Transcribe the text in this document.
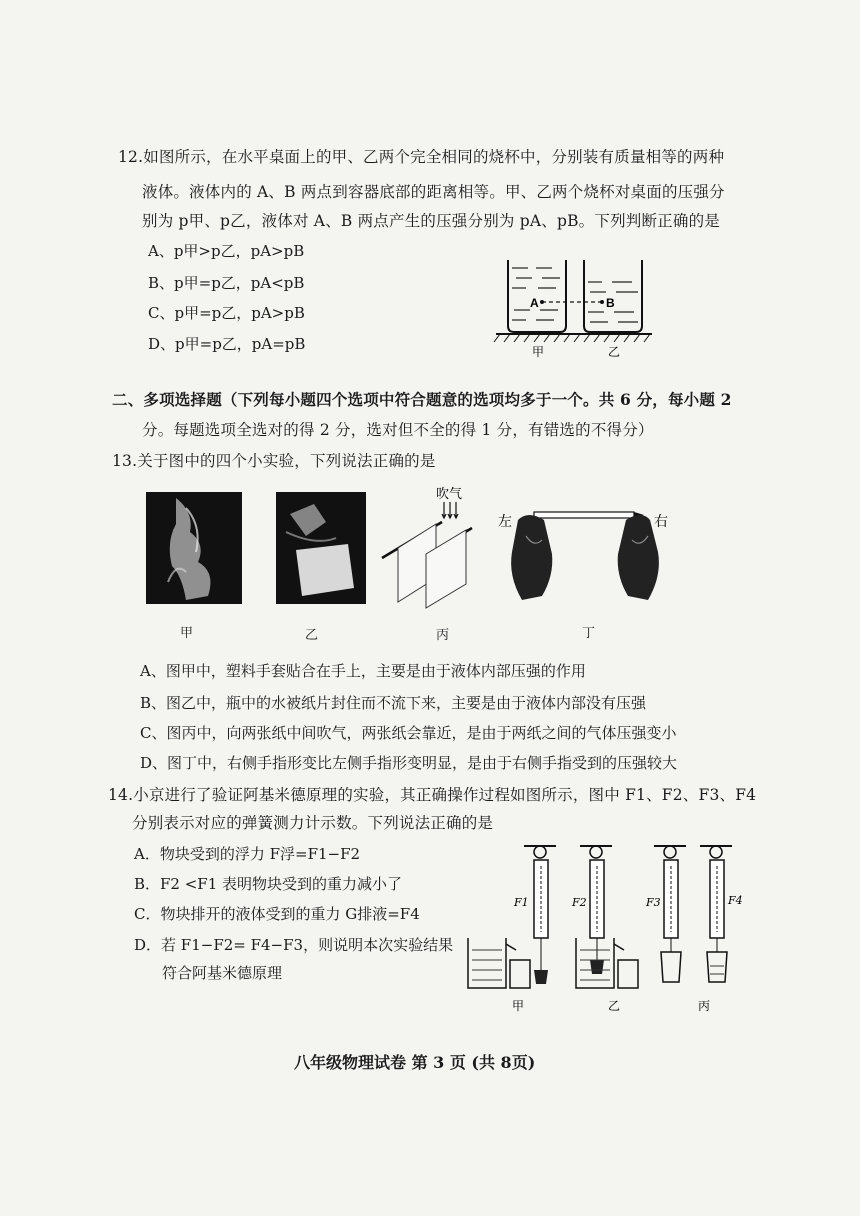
12.如图所示，在水平桌面上的甲、乙两个完全相同的烧杯中，分别装有质量相等的两种
液体。液体内的 A、B 两点到容器底部的距离相等。甲、乙两个烧杯对桌面的压强分
别为 p甲、p乙，液体对 A、B 两点产生的压强分别为 pA、pB。下列判断正确的是
A、p甲>p乙，pA>pB
B、p甲=p乙，pA<pB
C、p甲=p乙，pA>pB
D、p甲=p乙，pA=pB
A	B
甲	乙
二、多项选择题（下列每小题四个选项中符合题意的选项均多于一个。共 6 分，每小题 2
分。每题选项全选对的得 2 分，选对但不全的得 1 分，有错选的不得分）
13.关于图中的四个小实验，下列说法正确的是
吹气
左	右
甲	乙	丙	丁
A、图甲中，塑料手套贴合在手上，主要是由于液体内部压强的作用
B、图乙中，瓶中的水被纸片封住而不流下来，主要是由于液体内部没有压强
C、图丙中，向两张纸中间吹气，两张纸会靠近，是由于两纸之间的气体压强变小
D、图丁中，右侧手指形变比左侧手指形变明显，是由于右侧手指受到的压强较大
14.小京进行了验证阿基米德原理的实验，其正确操作过程如图所示，图中 F1、F2、F3、F4
分别表示对应的弹簧测力计示数。下列说法正确的是
A．物块受到的浮力 F浮=F1−F2
B．F2 <F1 表明物块受到的重力减小了
C．物块排开的液体受到的重力 G排液=F4
D．若 F1−F2= F4−F3，则说明本次实验结果
符合阿基米德原理
F1	F2	F3	F4
甲	乙	丙
八年级物理试卷 第 3 页 (共 8页)
